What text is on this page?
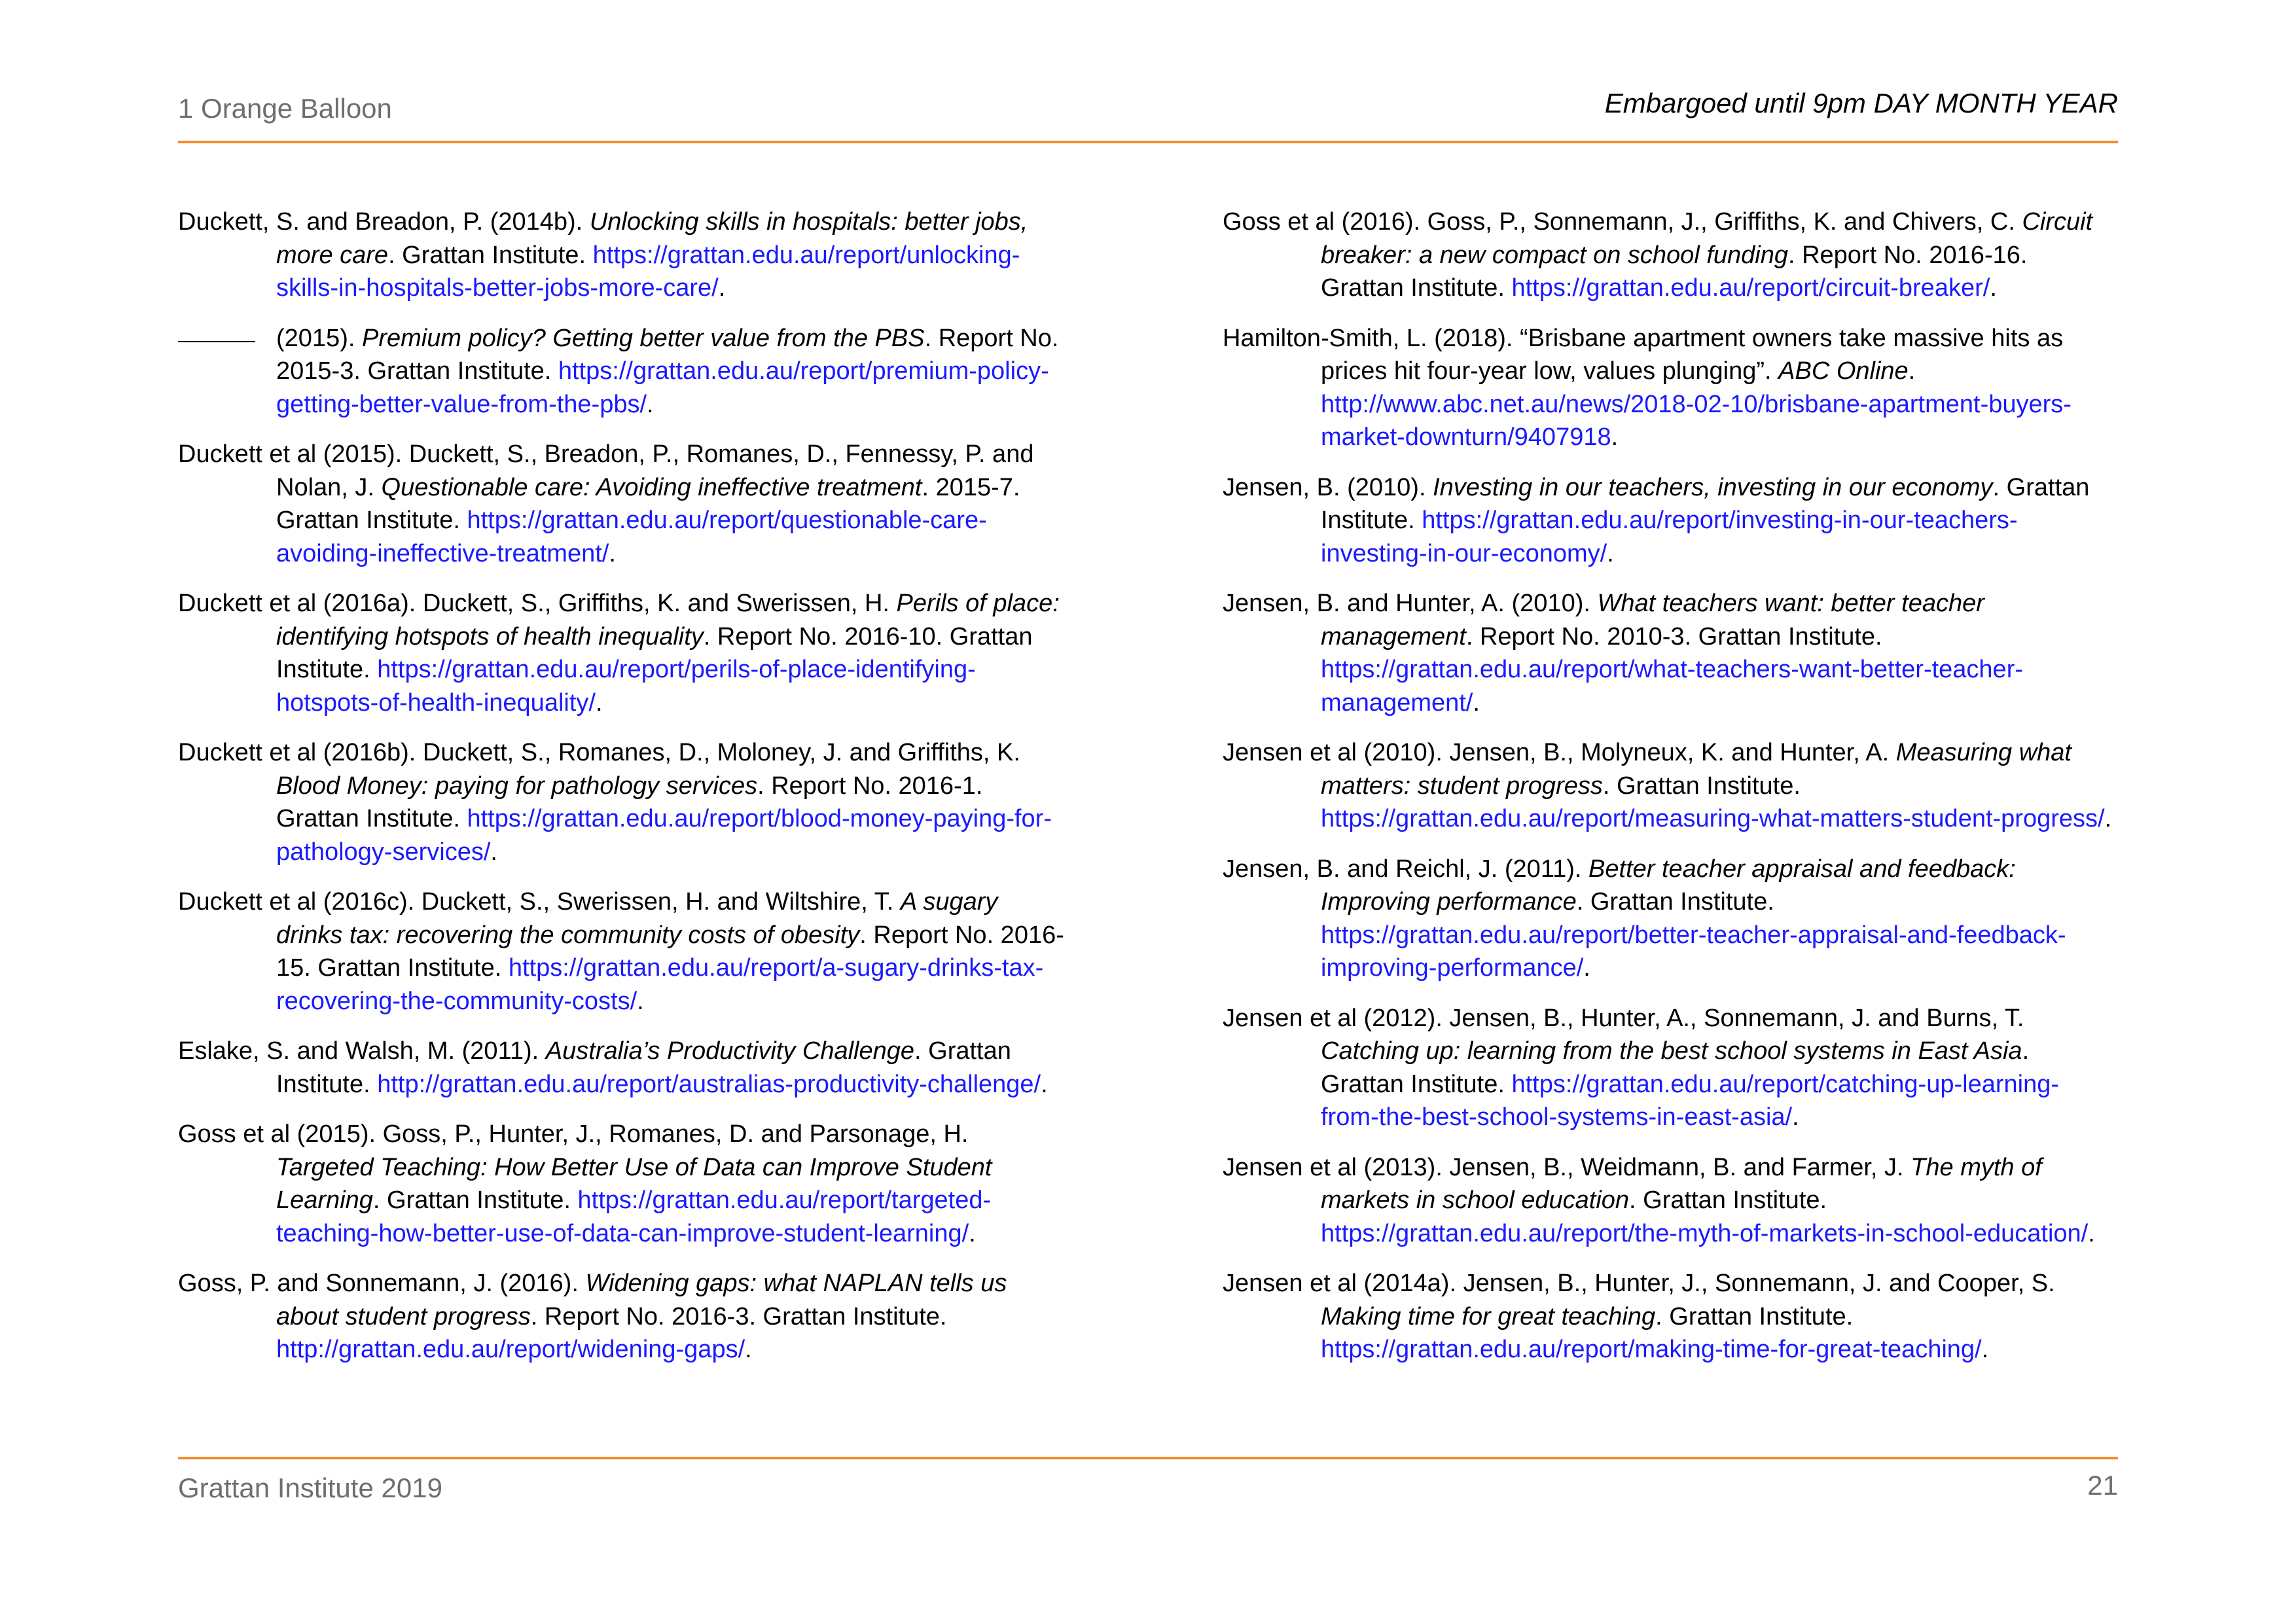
1 Orange Balloon	Embargoed until 9pm DAY MONTH YEAR

Duckett, S. and Breadon, P. (2014b). Unlocking skills in hospitals: better jobs, more care. Grattan Institute. https://grattan.edu.au/report/unlocking-skills-in-hospitals-better-jobs-more-care/.

(2015). Premium policy? Getting better value from the PBS. Report No. 2015-3. Grattan Institute. https://grattan.edu.au/report/premium-policy-getting-better-value-from-the-pbs/.

Duckett et al (2015). Duckett, S., Breadon, P., Romanes, D., Fennessy, P. and Nolan, J. Questionable care: Avoiding ineffective treatment. 2015-7. Grattan Institute. https://grattan.edu.au/report/questionable-care-avoiding-ineffective-treatment/.

Duckett et al (2016a). Duckett, S., Griffiths, K. and Swerissen, H. Perils of place: identifying hotspots of health inequality. Report No. 2016-10. Grattan Institute. https://grattan.edu.au/report/perils-of-place-identifying-hotspots-of-health-inequality/.

Duckett et al (2016b). Duckett, S., Romanes, D., Moloney, J. and Griffiths, K. Blood Money: paying for pathology services. Report No. 2016-1. Grattan Institute. https://grattan.edu.au/report/blood-money-paying-for-pathology-services/.

Duckett et al (2016c). Duckett, S., Swerissen, H. and Wiltshire, T. A sugary drinks tax: recovering the community costs of obesity. Report No. 2016-15. Grattan Institute. https://grattan.edu.au/report/a-sugary-drinks-tax-recovering-the-community-costs/.

Eslake, S. and Walsh, M. (2011). Australia’s Productivity Challenge. Grattan Institute. http://grattan.edu.au/report/australias-productivity-challenge/.

Goss et al (2015). Goss, P., Hunter, J., Romanes, D. and Parsonage, H. Targeted Teaching: How Better Use of Data can Improve Student Learning. Grattan Institute. https://grattan.edu.au/report/targeted-teaching-how-better-use-of-data-can-improve-student-learning/.

Goss, P. and Sonnemann, J. (2016). Widening gaps: what NAPLAN tells us about student progress. Report No. 2016-3. Grattan Institute. http://grattan.edu.au/report/widening-gaps/.

Goss et al (2016). Goss, P., Sonnemann, J., Griffiths, K. and Chivers, C. Circuit breaker: a new compact on school funding. Report No. 2016-16. Grattan Institute. https://grattan.edu.au/report/circuit-breaker/.

Hamilton-Smith, L. (2018). “Brisbane apartment owners take massive hits as prices hit four-year low, values plunging”. ABC Online. http://www.abc.net.au/news/2018-02-10/brisbane-apartment-buyers-market-downturn/9407918.

Jensen, B. (2010). Investing in our teachers, investing in our economy. Grattan Institute. https://grattan.edu.au/report/investing-in-our-teachers-investing-in-our-economy/.

Jensen, B. and Hunter, A. (2010). What teachers want: better teacher management. Report No. 2010-3. Grattan Institute. https://grattan.edu.au/report/what-teachers-want-better-teacher-management/.

Jensen et al (2010). Jensen, B., Molyneux, K. and Hunter, A. Measuring what matters: student progress. Grattan Institute. https://grattan.edu.au/report/measuring-what-matters-student-progress/.

Jensen, B. and Reichl, J. (2011). Better teacher appraisal and feedback: Improving performance. Grattan Institute. https://grattan.edu.au/report/better-teacher-appraisal-and-feedback-improving-performance/.

Jensen et al (2012). Jensen, B., Hunter, A., Sonnemann, J. and Burns, T. Catching up: learning from the best school systems in East Asia. Grattan Institute. https://grattan.edu.au/report/catching-up-learning-from-the-best-school-systems-in-east-asia/.

Jensen et al (2013). Jensen, B., Weidmann, B. and Farmer, J. The myth of markets in school education. Grattan Institute. https://grattan.edu.au/report/the-myth-of-markets-in-school-education/.

Jensen et al (2014a). Jensen, B., Hunter, J., Sonnemann, J. and Cooper, S. Making time for great teaching. Grattan Institute. https://grattan.edu.au/report/making-time-for-great-teaching/.

Grattan Institute 2019	21
